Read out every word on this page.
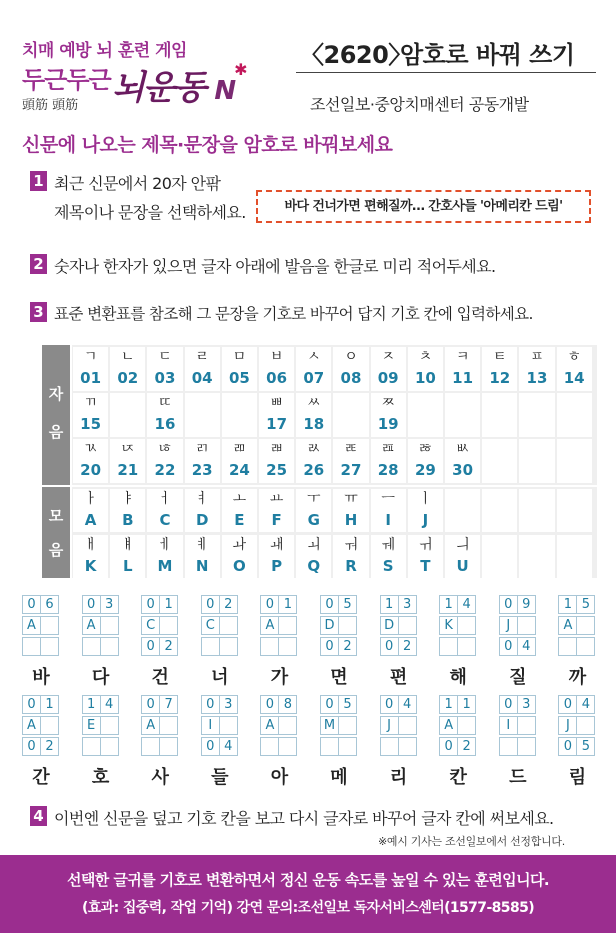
치매 예방 뇌 훈련 게임
두근두근
頭筋 頭筋 뇌운동 N✱
〈2620〉
암호로 바꿔 쓰기
조선일보·중앙치매센터 공동개발
신문에 나오는 제목·문장을 암호로 바꿔보세요
1 최근 신문에서 20자 안팎
제목이나 문장을 선택하세요.	바다 건너가면 편해질까… 간호사들 '아메리칸 드림'
2 숫자나 한자가 있으면 글자 아래에 발음을 한글로 미리 적어두세요.
3 표준 변환표를 참조해 그 문장을 기호로 바꾸어 답지 기호 칸에 입력하세요.
자
음
모
음
ㄱ
01
ㄴ
02
ㄷ
03
ㄹ
04
ㅁ
05
ㅂ
06
ㅅ
07
ㅇ
08
ㅈ
09
ㅊ
10
ㅋ
11
ㅌ
12
ㅍ
13
ㅎ
14
ㄲ
15
ㄸ
16
ㅃ
17
ㅆ
18
ㅉ
19
ㄳ
20
ㄵ
21
ㄶ
22
ㄺ
23
ㄻ
24
ㄼ
25
ㄽ
26
ㄾ
27
ㄿ
28
ㅀ
29
ㅄ
30
ㅏ
A
ㅑ
B
ㅓ
C
ㅕ
D
ㅗ
E
ㅛ
F
ㅜ
G
ㅠ
H
ㅡ
I
ㅣ
J
ㅐ
K
ㅒ
L
ㅔ
M
ㅖ
N
ㅘ
O
ㅙ
P
ㅚ
Q
ㅝ
R
ㅞ
S
ㅟ
T
ㅢ
U
0 6
A
바
0 3
A
다
0 1
C
0 2
건
0 2
C
너
0 1
A
가
0 5
D
0 2
면
1 3
D
0 2
편
1 4
K
해
0 9
J
0 4
질
1 5
A
까
0 1
A
0 2
간
1 4
E
호
0 7
A
사
0 3
I
0 4
들
0 8
A
아
0 5
M
메
0 4
J
리
1 1
A
0 2
칸
0 3
I
드
0 4
J
0 5
림
4 이번엔 신문을 덮고 기호 칸을 보고 다시 글자로 바꾸어 글자 칸에 써보세요.
※예시 기사는 조선일보에서 선정합니다.
선택한 글귀를 기호로 변환하면서 정신 운동 속도를 높일 수 있는 훈련입니다.
(효과: 집중력, 작업 기억) 강연 문의:조선일보 독자서비스센터(1577-8585)
